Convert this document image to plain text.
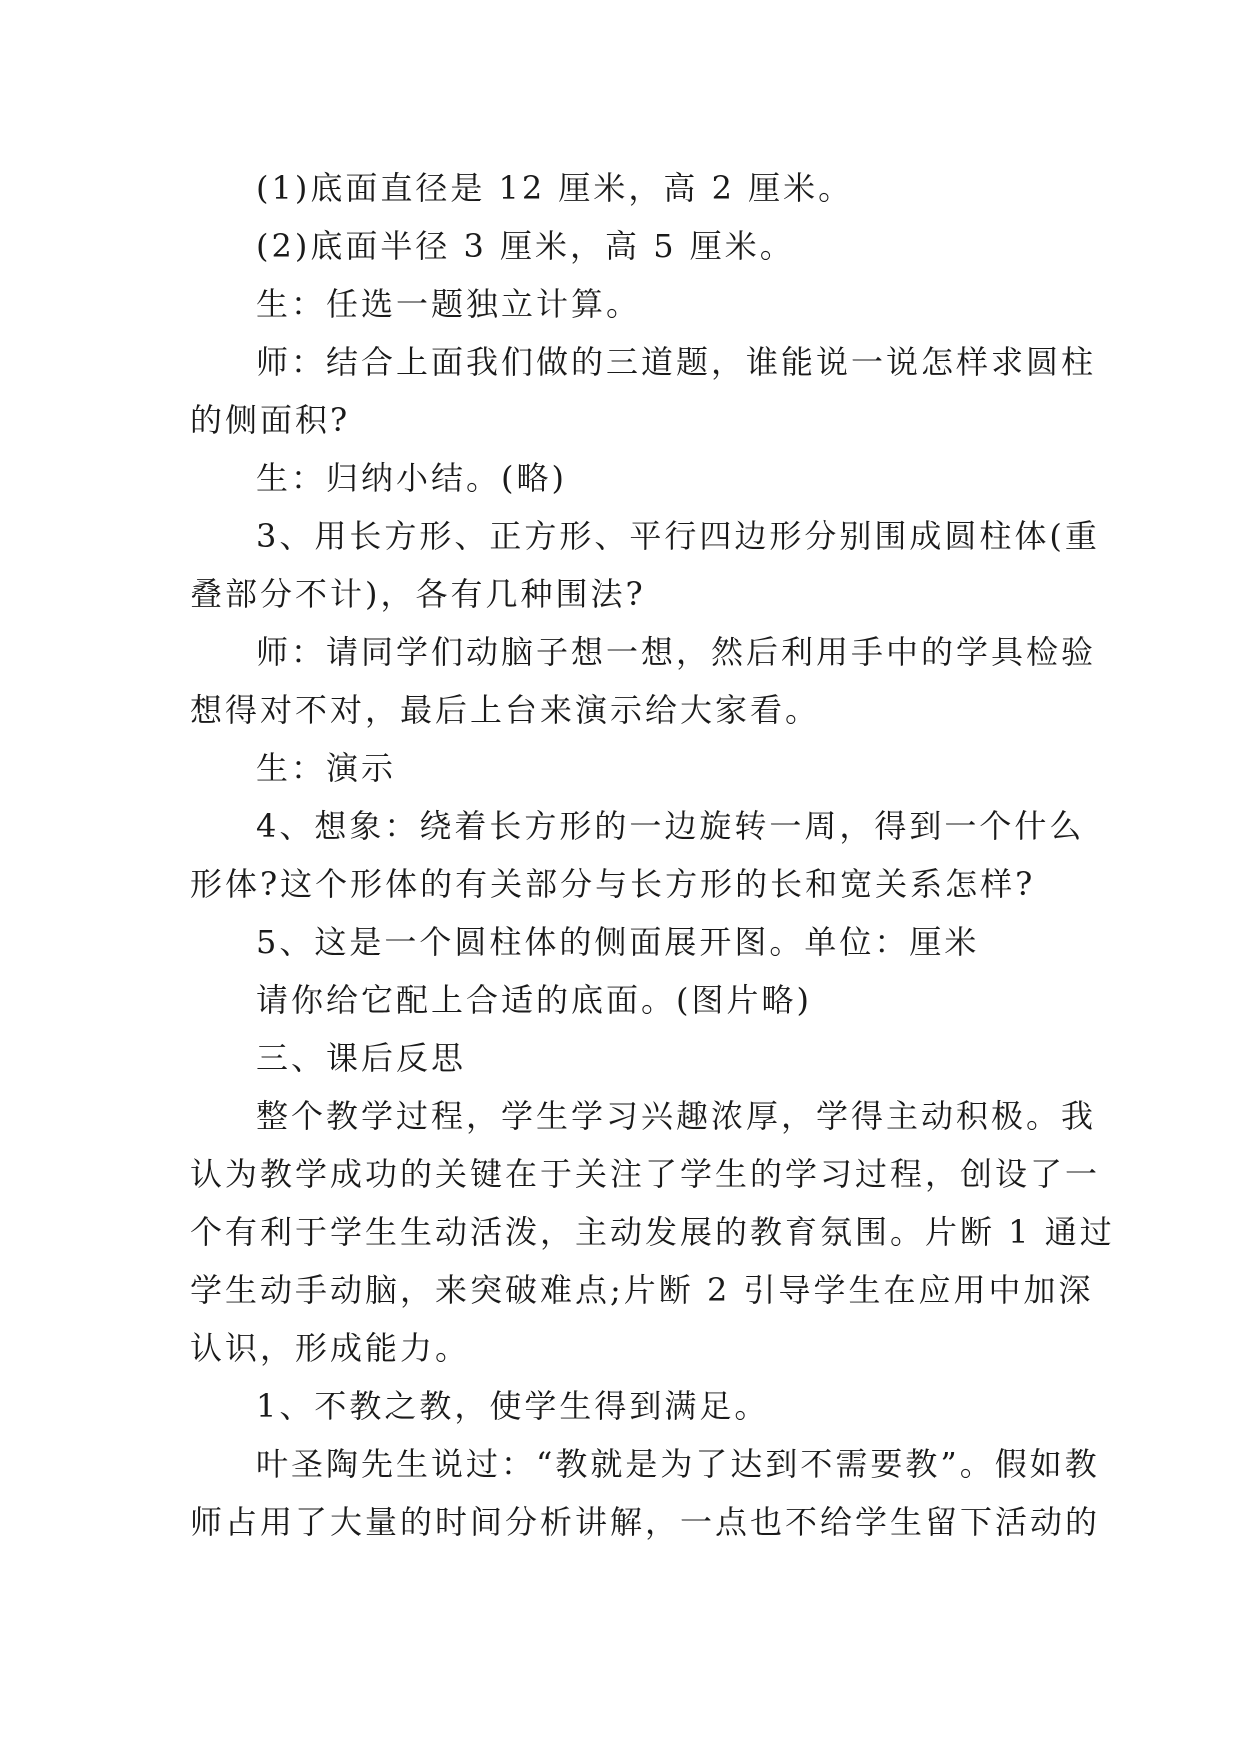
(1)底面直径是 12 厘米，高 2 厘米。
(2)底面半径 3 厘米，高 5 厘米。
生：任选一题独立计算。
师：结合上面我们做的三道题，谁能说一说怎样求圆柱
的侧面积?
生：归纳小结。(略)
3、用长方形、正方形、平行四边形分别围成圆柱体(重
叠部分不计)，各有几种围法?
师：请同学们动脑子想一想，然后利用手中的学具检验
想得对不对，最后上台来演示给大家看。
生：演示
4、想象：绕着长方形的一边旋转一周，得到一个什么
形体?这个形体的有关部分与长方形的长和宽关系怎样?
5、这是一个圆柱体的侧面展开图。单位：厘米
请你给它配上合适的底面。(图片略)
三、课后反思
整个教学过程，学生学习兴趣浓厚，学得主动积极。我
认为教学成功的关键在于关注了学生的学习过程，创设了一
个有利于学生生动活泼，主动发展的教育氛围。片断 1 通过
学生动手动脑，来突破难点;片断 2 引导学生在应用中加深
认识，形成能力。
1、不教之教，使学生得到满足。
叶圣陶先生说过：“教就是为了达到不需要教”。假如教
师占用了大量的时间分析讲解，一点也不给学生留下活动的
